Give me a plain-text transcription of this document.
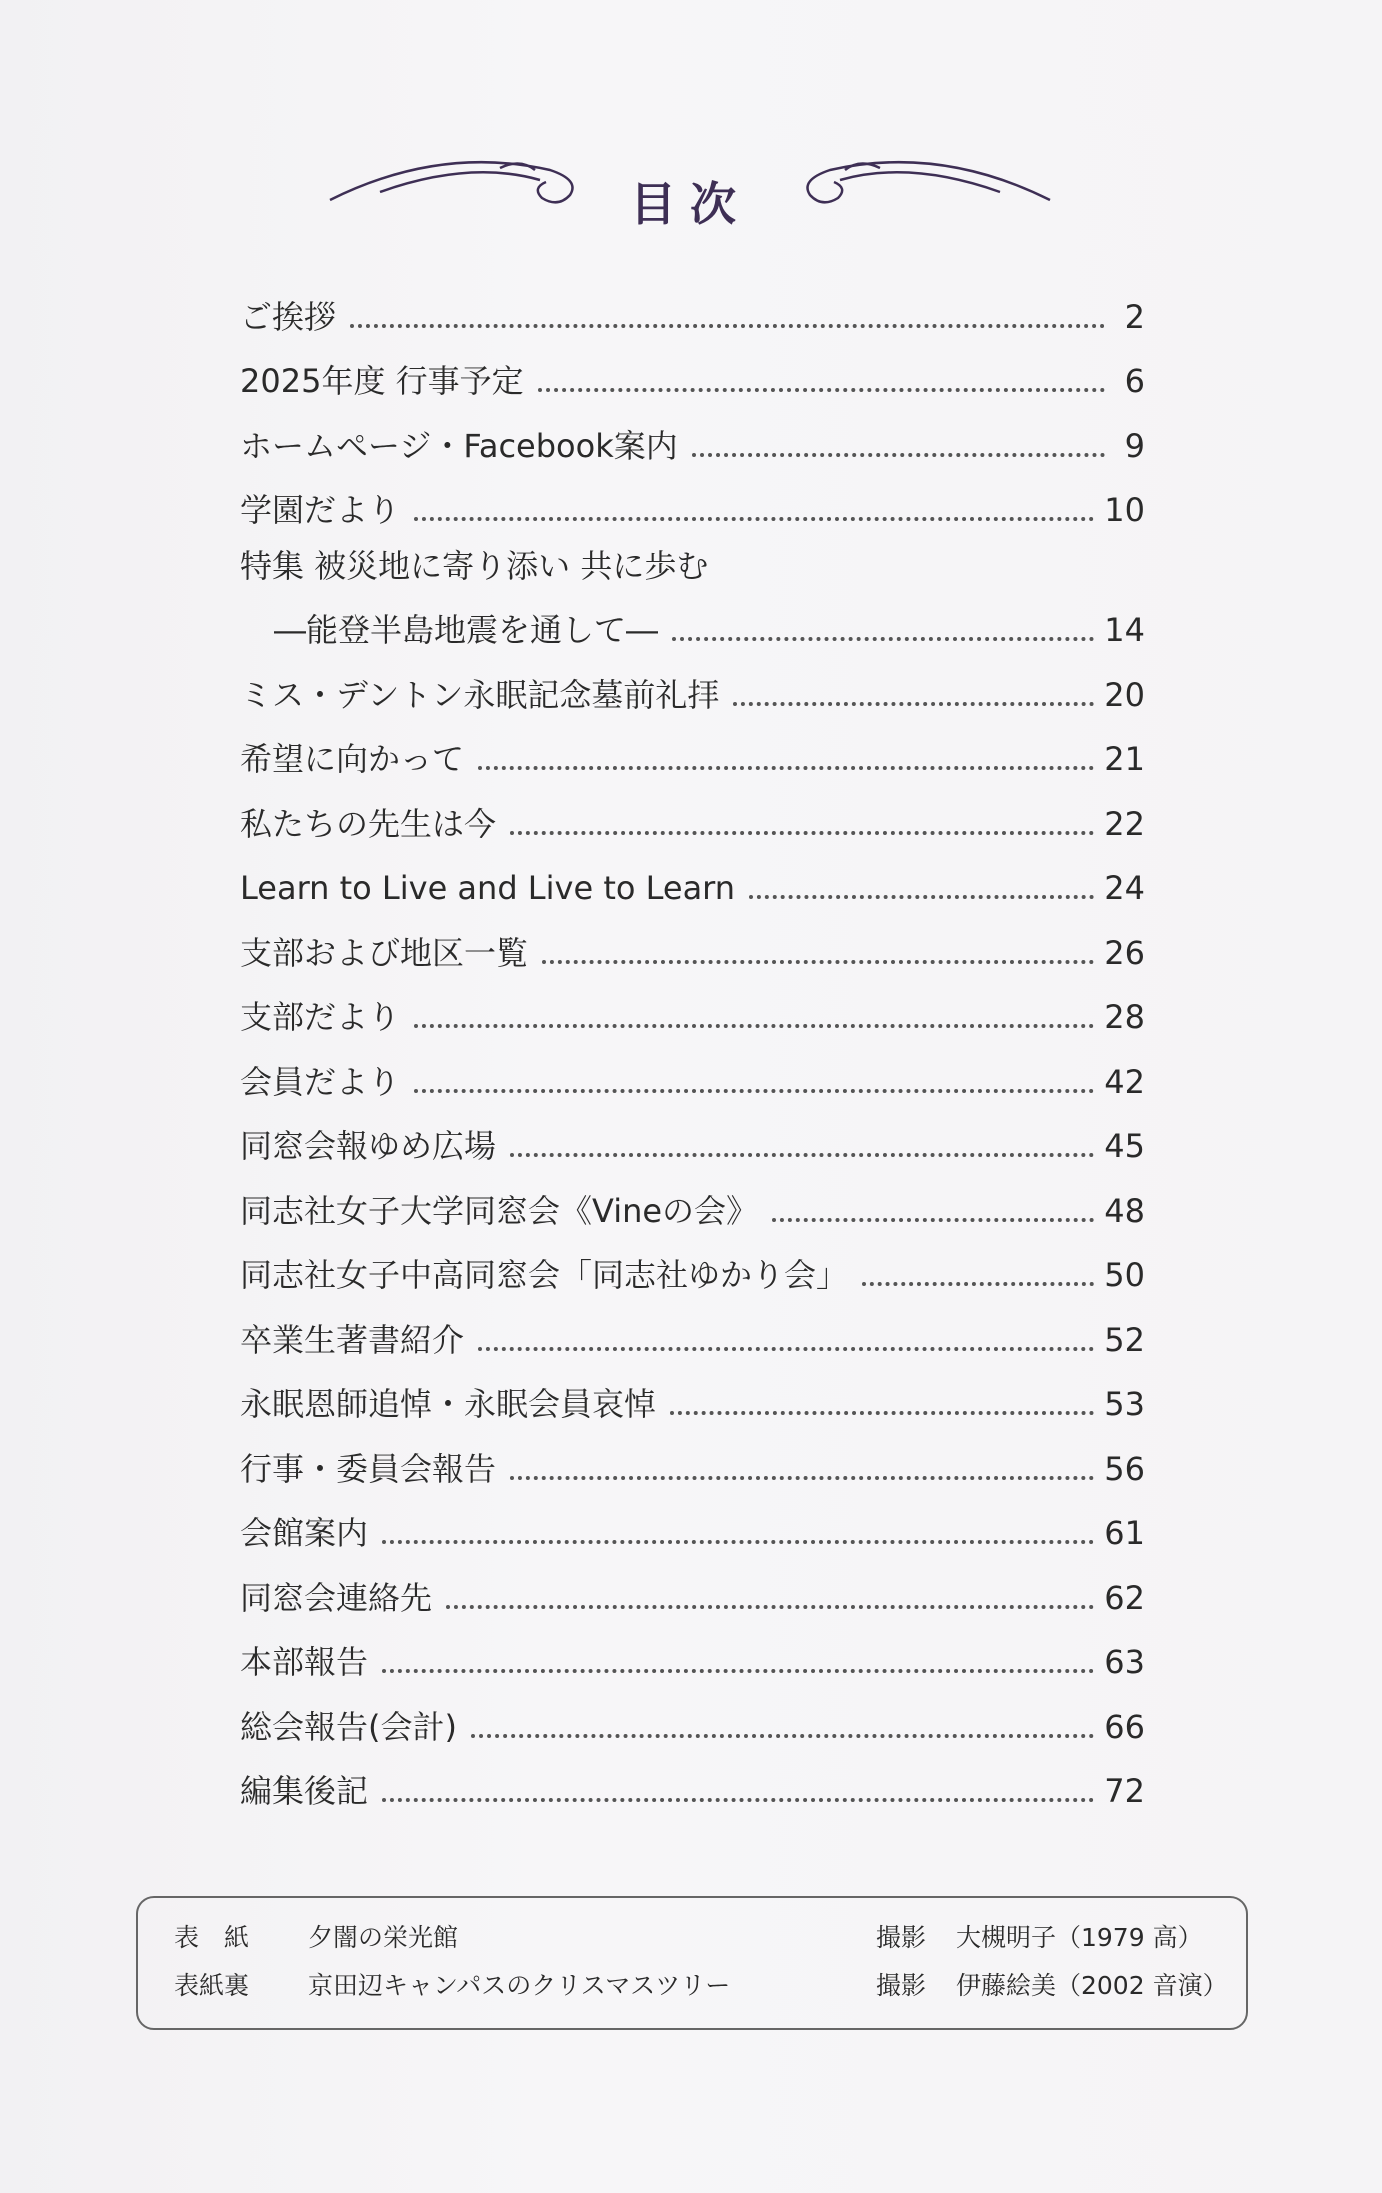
目次
ご挨拶	2
2025年度 行事予定	6
ホームページ・Facebook案内	9
学園だより	10
特集 被災地に寄り添い 共に歩む
―能登半島地震を通して―	14
ミス・デントン永眠記念墓前礼拝	20
希望に向かって	21
私たちの先生は今	22
Learn to Live and Live to Learn	24
支部および地区一覧	26
支部だより	28
会員だより	42
同窓会報ゆめ広場	45
同志社女子大学同窓会《Vineの会》	48
同志社女子中高同窓会「同志社ゆかり会」	50
卒業生著書紹介	52
永眠恩師追悼・永眠会員哀悼	53
行事・委員会報告	56
会館案内	61
同窓会連絡先	62
本部報告	63
総会報告(会計)	66
編集後記	72
表　紙 夕闇の栄光館	撮影 大槻明子（1979 高）
表紙裏 京田辺キャンパスのクリスマスツリー	撮影 伊藤絵美（2002 音演）
